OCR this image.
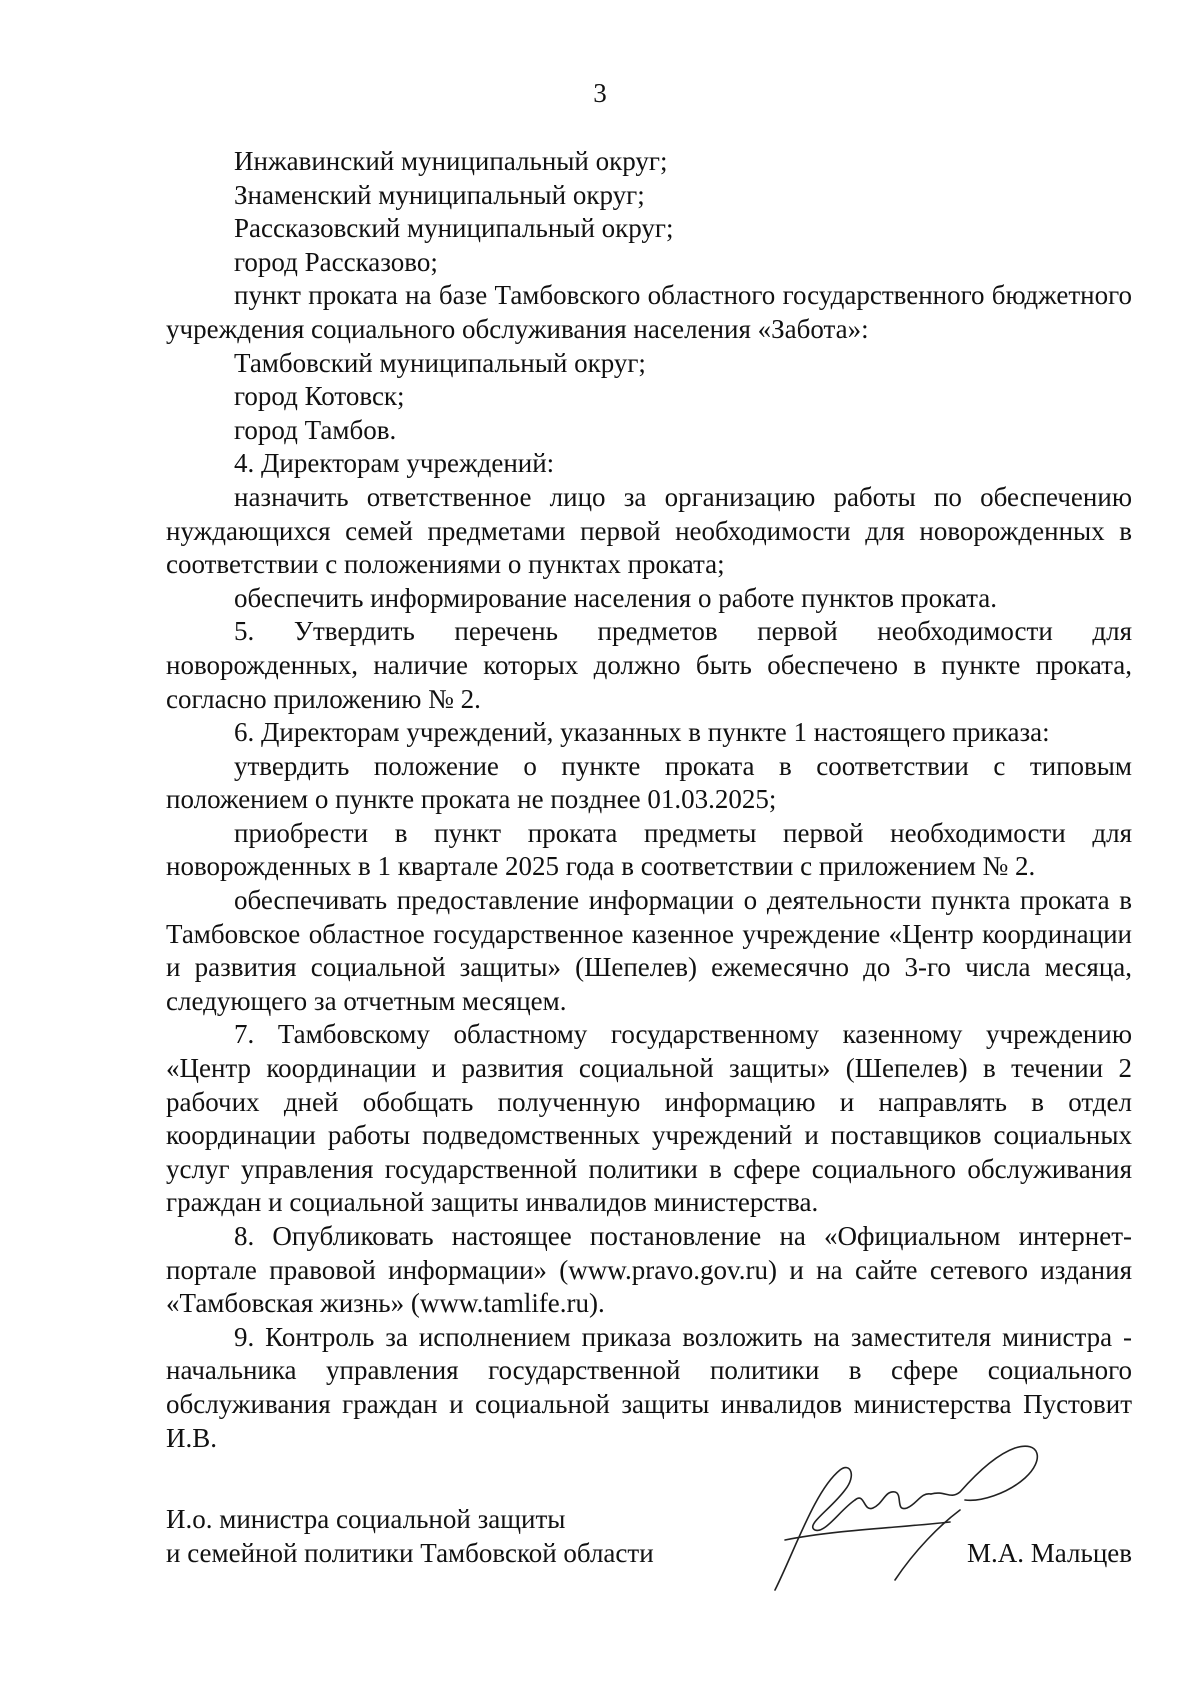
3

Инжавинский муниципальный округ;

Знаменский муниципальный округ;

Рассказовский муниципальный округ;

город Рассказово;

пункт проката на базе Тамбовского областного государственного бюджетного учреждения социального обслуживания населения «Забота»:

Тамбовский муниципальный округ;

город Котовск;

город Тамбов.

4. Директорам учреждений:

назначить ответственное лицо за организацию работы по обеспечению нуждающихся семей предметами первой необходимости для новорожденных в соответствии с положениями о пунктах проката;

обеспечить информирование населения о работе пунктов проката.

5. Утвердить перечень предметов первой необходимости для новорожденных, наличие которых должно быть обеспечено в пункте проката, согласно приложению № 2.

6. Директорам учреждений, указанных в пункте 1 настоящего приказа:

утвердить положение о пункте проката в соответствии с типовым положением о пункте проката не позднее 01.03.2025;

приобрести в пункт проката предметы первой необходимости для новорожденных в 1 квартале 2025 года в соответствии с приложением № 2.

обеспечивать предоставление информации о деятельности пункта проката в Тамбовское областное государственное казенное учреждение «Центр координации и развития социальной защиты» (Шепелев) ежемесячно до 3-го числа месяца, следующего за отчетным месяцем.

7. Тамбовскому областному государственному казенному учреждению «Центр координации и развития социальной защиты» (Шепелев) в течении 2 рабочих дней обобщать полученную информацию и направлять в отдел координации работы подведомственных учреждений и поставщиков социальных услуг управления государственной политики в сфере социального обслуживания граждан и социальной защиты инвалидов министерства.

8. Опубликовать настоящее постановление на «Официальном интернет-портале правовой информации» (www.pravo.gov.ru) и на сайте сетевого издания «Тамбовская жизнь» (www.tamlife.ru).

9. Контроль за исполнением приказа возложить на заместителя министра - начальника управления государственной политики в сфере социального обслуживания граждан и социальной защиты инвалидов министерства Пустовит И.В.

И.о. министра социальной защиты
и семейной политики Тамбовской области	М.А. Мальцев
